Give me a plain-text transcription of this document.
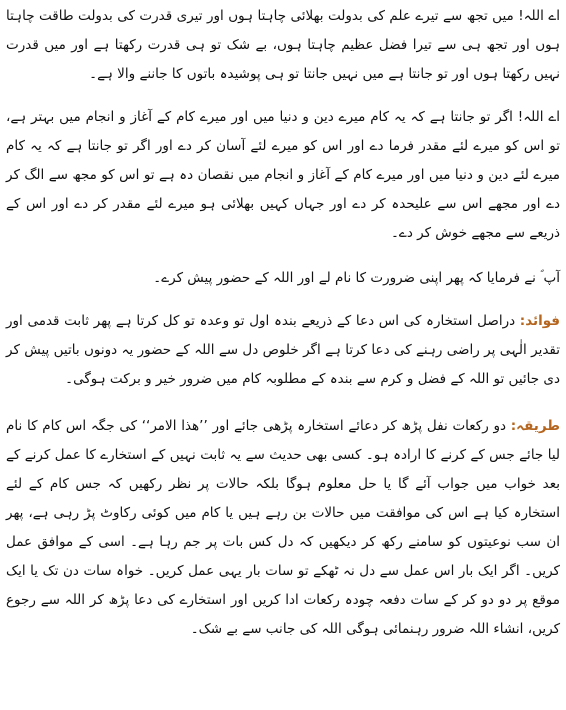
اے اللہ! میں تجھ سے تیرے علم کی بدولت بھلائی چاہتا ہوں اور تیری قدرت کی بدولت طاقت چاہتا ہوں اور تجھ ہی سے تیرا فضل عظیم چاہتا ہوں، بے شک تو ہی قدرت رکھتا ہے اور میں قدرت نہیں رکھتا ہوں اور تو جانتا ہے میں نہیں جانتا تو ہی پوشیدہ باتوں کا جاننے والا ہے۔

اے اللہ! اگر تو جانتا ہے کہ یہ کام میرے دین و دنیا میں اور میرے کام کے آغاز و انجام میں بہتر ہے، تو اس کو میرے لئے مقدر فرما دے اور اس کو میرے لئے آسان کر دے اور اگر تو جانتا ہے کہ یہ کام میرے لئے دین و دنیا میں اور میرے کام کے آغاز و انجام میں نقصان دہ ہے تو اس کو مجھ سے الگ کر دے اور مجھے اس سے علیحدہ کر دے اور جہاں کہیں بھلائی ہو میرے لئے مقدر کر دے اور اس کے ذریعے سے مجھے خوش کر دے۔

آپ ؐ نے فرمایا کہ پھر اپنی ضرورت کا نام لے اور اللہ کے حضور پیش کرے۔

فوائد: دراصل استخارہ کی اس دعا کے ذریعے بندہ اول تو وعدہ تو کل کرتا ہے پھر ثابت قدمی اور تقدیر الٰہی پر راضی رہنے کی دعا کرتا ہے اگر خلوص دل سے اللہ کے حضور یہ دونوں باتیں پیش کر دی جائیں تو اللہ کے فضل و کرم سے بندہ کے مطلوبہ کام میں ضرور خیر و برکت ہوگی۔

طریقہ: دو رکعات نفل پڑھ کر دعائے استخارہ پڑھی جائے اور ’’ھذا الامر‘‘ کی جگہ اس کام کا نام لیا جائے جس کے کرنے کا ارادہ ہو۔ کسی بھی حدیث سے یہ ثابت نہیں کے استخارے کا عمل کرنے کے بعد خواب میں جواب آئے گا یا حل معلوم ہوگا بلکہ حالات پر نظر رکھیں کہ جس کام کے لئے استخارہ کیا ہے اس کی موافقت میں حالات بن رہے ہیں یا کام میں کوئی رکاوٹ پڑ رہی ہے، پھر ان سب نوعیتوں کو سامنے رکھ کر دیکھیں کہ دل کس بات پر جم رہا ہے۔ اسی کے موافق عمل کریں۔ اگر ایک بار اس عمل سے دل نہ ٹھکے تو سات بار یہی عمل کریں۔ خواہ سات دن تک یا ایک موقع پر دو دو کر کے سات دفعہ چودہ رکعات ادا کریں اور استخارے کی دعا پڑھ کر اللہ سے رجوع کریں، انشاء اللہ ضرور رہنمائی ہوگی اللہ کی جانب سے بے شک۔
